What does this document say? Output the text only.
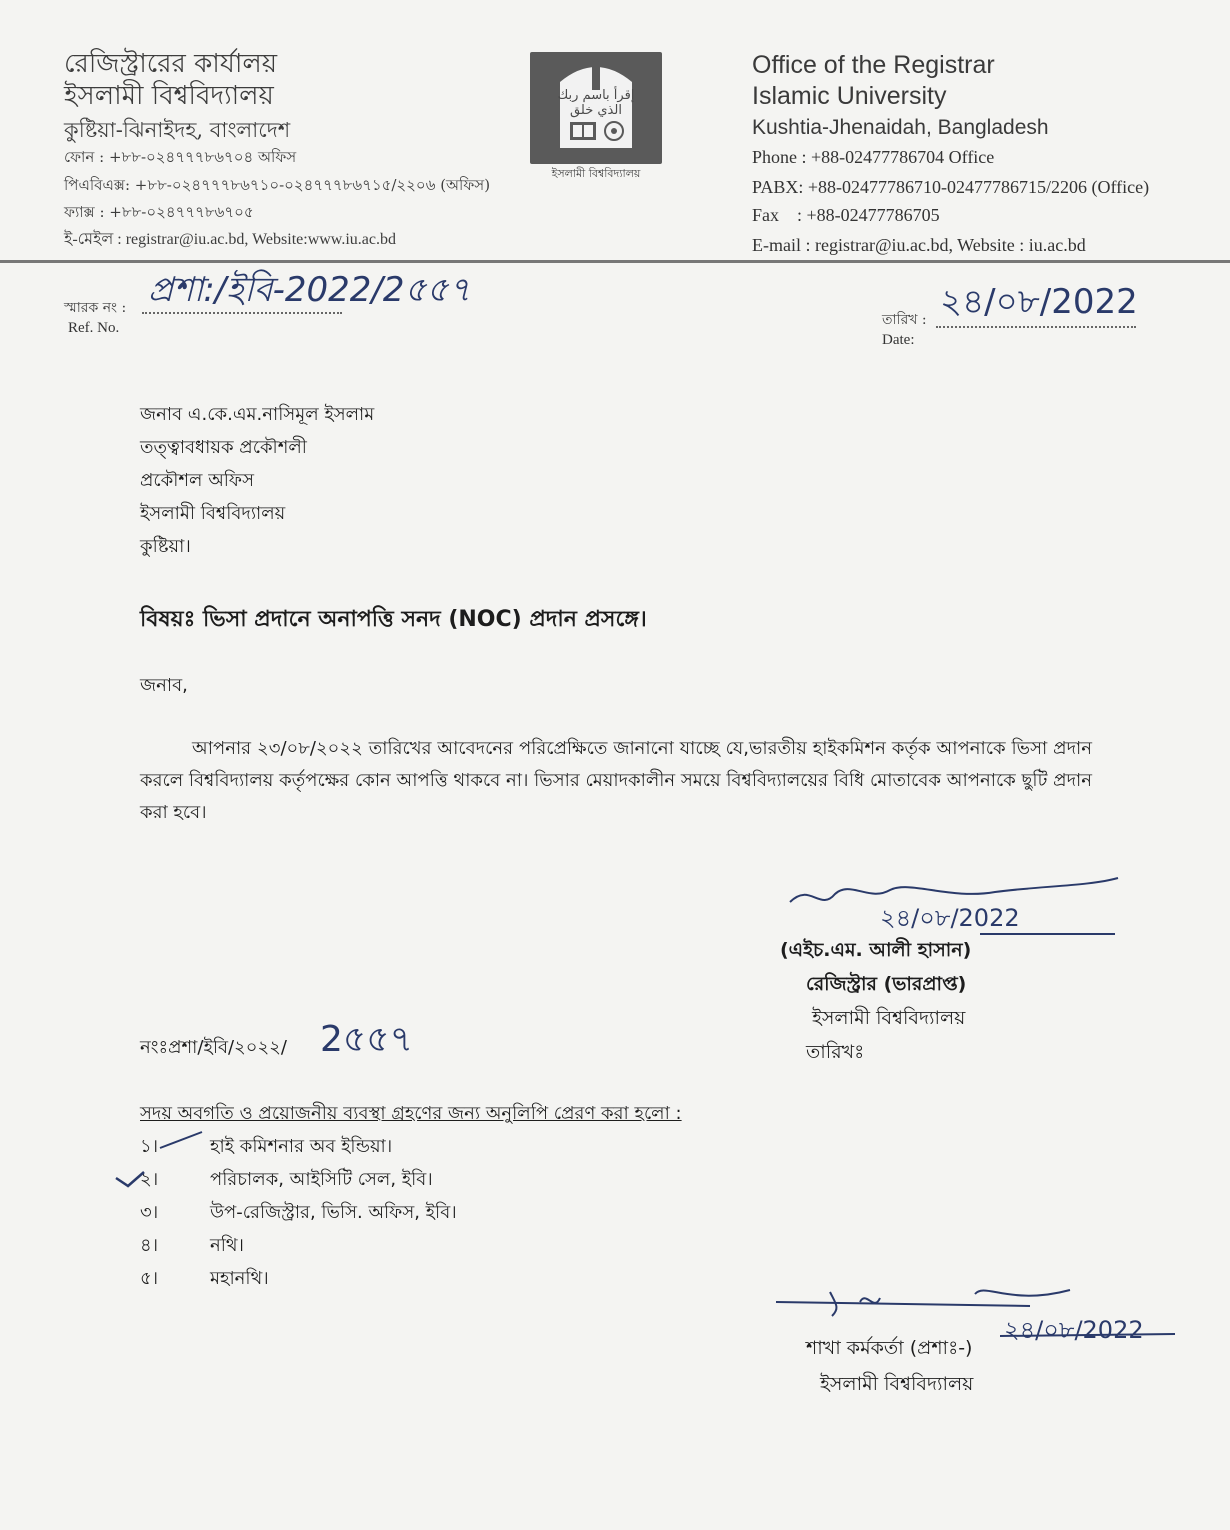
রেজিস্ট্রারের কার্যালয়
ইসলামী বিশ্ববিদ্যালয়
কুষ্টিয়া-ঝিনাইদহ, বাংলাদেশ
ফোন : +৮৮-০২৪৭৭৭৮৬৭০৪ অফিস
পিএবিএক্স: +৮৮-০২৪৭৭৭৮৬৭১০-০২৪৭৭৭৮৬৭১৫/২২০৬ (অফিস)
ফ্যাক্স : +৮৮-০২৪৭৭৭৮৬৭০৫
ই-মেইল : registrar@iu.ac.bd, Website:www.iu.ac.bd
إقرأ باسم ربك الذي خلق
ইসলামী বিশ্ববিদ্যালয়
Office of the Registrar
Islamic University
Kushtia-Jhenaidah, Bangladesh
Phone : +88-02477786704 Office
PABX: +88-02477786710-02477786715/2206 (Office)
Fax    : +88-02477786705
E-mail : registrar@iu.ac.bd, Website : iu.ac.bd
স্মারক নং :
Ref. No.
প্রশা:/ইবি-2022/2৫৫৭
তারিখ :
Date:
২৪/০৮/2022
জনাব এ.কে.এম.নাসিমূল ইসলাম
তত্ত্বাবধায়ক প্রকৌশলী
প্রকৌশল অফিস
ইসলামী বিশ্ববিদ্যালয়
কুষ্টিয়া।
বিষয়ঃ ভিসা প্রদানে অনাপত্তি সনদ (NOC) প্রদান প্রসঙ্গে।
জনাব,
আপনার ২৩/০৮/২০২২ তারিখের আবেদনের পরিপ্রেক্ষিতে জানানো যাচ্ছে যে,ভারতীয় হাইকমিশন কর্তৃক আপনাকে ভিসা প্রদান করলে বিশ্ববিদ্যালয় কর্তৃপক্ষের কোন আপত্তি থাকবে না। ভিসার মেয়াদকালীন সময়ে বিশ্ববিদ্যালয়ের বিধি মোতাবেক আপনাকে ছুটি প্রদান করা হবে।
২৪/০৮/2022
(এইচ.এম. আলী হাসান)
রেজিস্ট্রার (ভারপ্রাপ্ত)
ইসলামী বিশ্ববিদ্যালয়
তারিখঃ
নংঃপ্রশা/ইবি/২০২২/ 2৫৫৭
সদয় অবগতি ও প্রয়োজনীয় ব্যবস্থা গ্রহণের জন্য অনুলিপি প্রেরণ করা হলো :
১।	হাই কমিশনার অব ইন্ডিয়া।
২।	পরিচালক, আইসিটি সেল, ইবি।
৩।	উপ-রেজিস্ট্রার, ভিসি. অফিস, ইবি।
৪।	নথি।
৫।	মহানথি।
২৪/০৮/2022
শাখা কর্মকর্তা (প্রশাঃ-)
ইসলামী বিশ্ববিদ্যালয়
